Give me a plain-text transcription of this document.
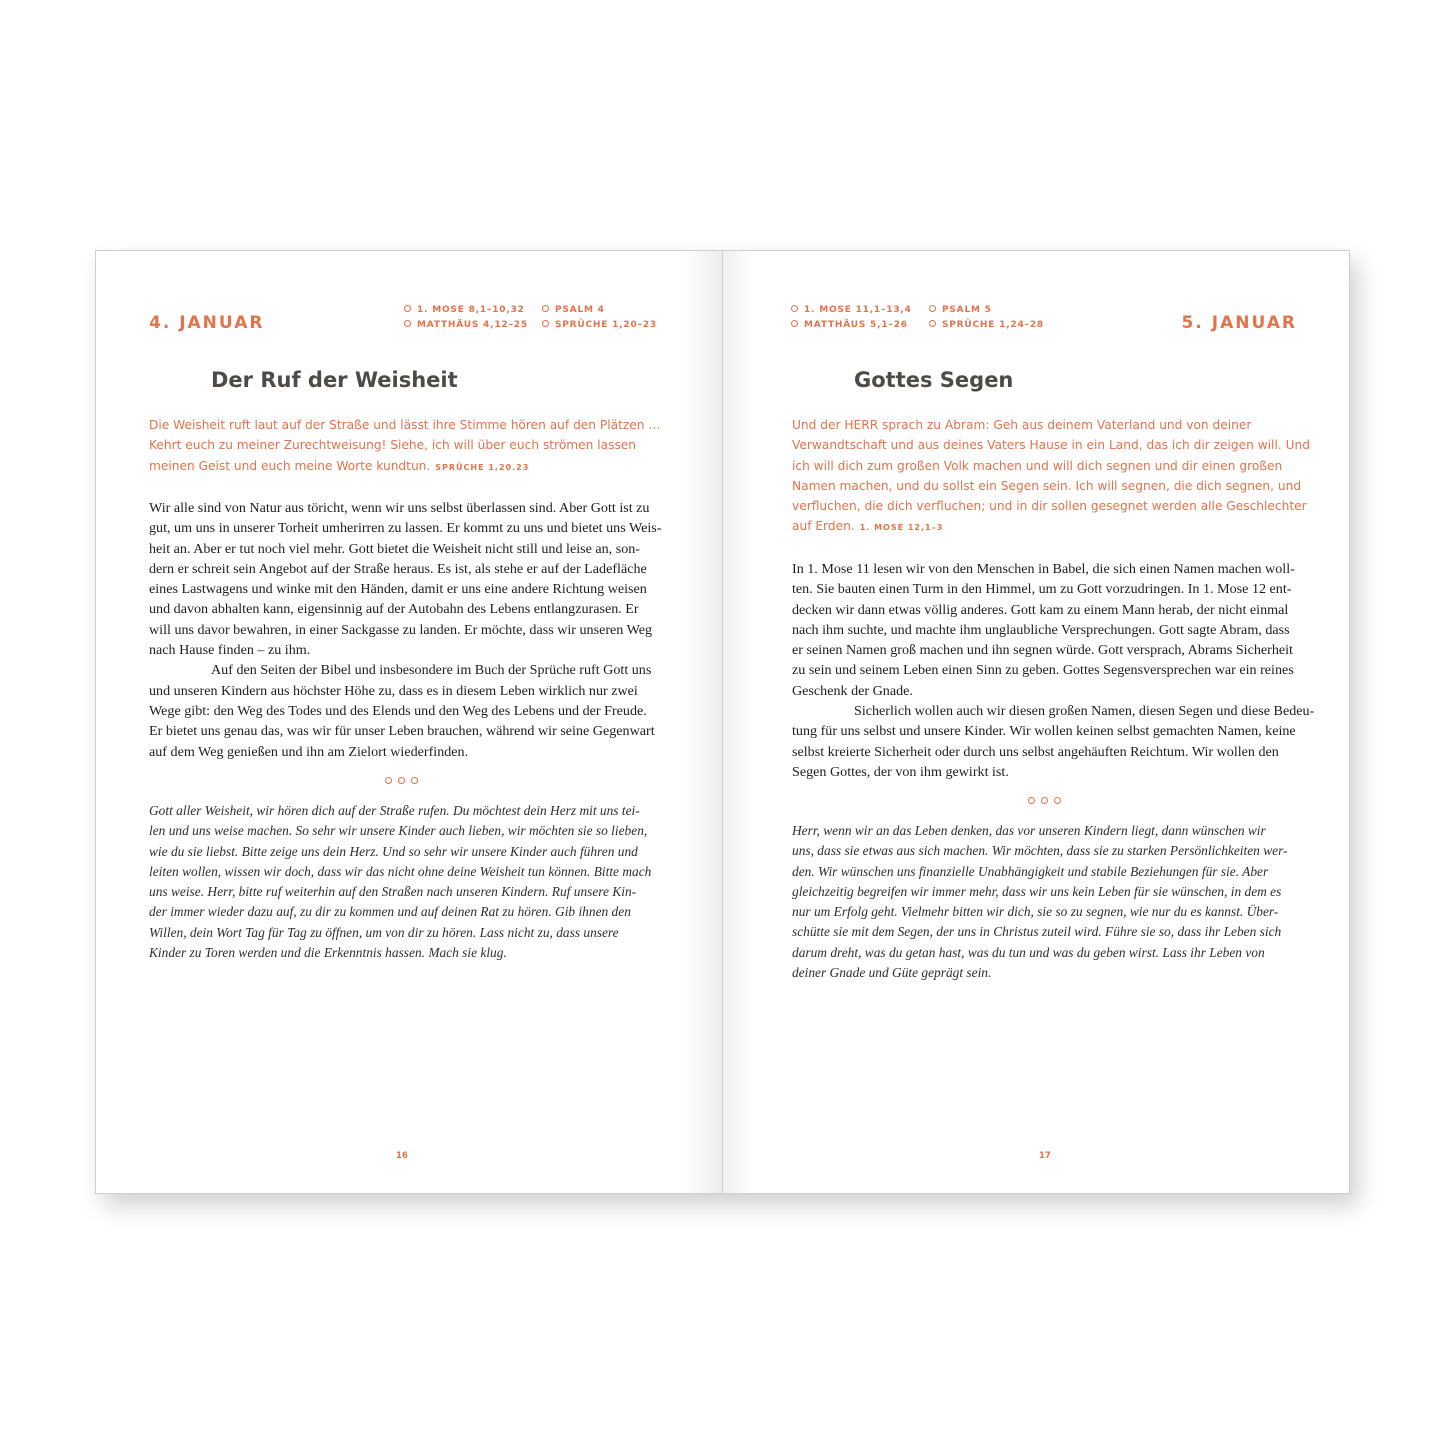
4. JANUAR
1. MOSE 8,1–10,32	PSALM 4
MATTHÄUS 4,12–25	SPRÜCHE 1,20–23
Der Ruf der Weisheit
Die Weisheit ruft laut auf der Straße und lässt ihre Stimme hören auf den Plätzen …
Kehrt euch zu meiner Zurechtweisung! Siehe, ich will über euch strömen lassen
meinen Geist und euch meine Worte kundtun. SPRÜCHE 1,20.23
Wir alle sind von Natur aus töricht, wenn wir uns selbst überlassen sind. Aber Gott ist zu
gut, um uns in unserer Torheit umherirren zu lassen. Er kommt zu uns und bietet uns Weis-
heit an. Aber er tut noch viel mehr. Gott bietet die Weisheit nicht still und leise an, son-
dern er schreit sein Angebot auf der Straße heraus. Es ist, als stehe er auf der Ladefläche
eines Lastwagens und winke mit den Händen, damit er uns eine andere Richtung weisen
und davon abhalten kann, eigensinnig auf der Autobahn des Lebens entlangzurasen. Er
will uns davor bewahren, in einer Sackgasse zu landen. Er möchte, dass wir unseren Weg
nach Hause finden – zu ihm.
Auf den Seiten der Bibel und insbesondere im Buch der Sprüche ruft Gott uns
und unseren Kindern aus höchster Höhe zu, dass es in diesem Leben wirklich nur zwei
Wege gibt: den Weg des Todes und des Elends und den Weg des Lebens und der Freude.
Er bietet uns genau das, was wir für unser Leben brauchen, während wir seine Gegenwart
auf dem Weg genießen und ihn am Zielort wiederfinden.
Gott aller Weisheit, wir hören dich auf der Straße rufen. Du möchtest dein Herz mit uns tei-
len und uns weise machen. So sehr wir unsere Kinder auch lieben, wir möchten sie so lieben,
wie du sie liebst. Bitte zeige uns dein Herz. Und so sehr wir unsere Kinder auch führen und
leiten wollen, wissen wir doch, dass wir das nicht ohne deine Weisheit tun können. Bitte mach
uns weise. Herr, bitte ruf weiterhin auf den Straßen nach unseren Kindern. Ruf unsere Kin-
der immer wieder dazu auf, zu dir zu kommen und auf deinen Rat zu hören. Gib ihnen den
Willen, dein Wort Tag für Tag zu öffnen, um von dir zu hören. Lass nicht zu, dass unsere
Kinder zu Toren werden und die Erkenntnis hassen. Mach sie klug.
16
1. MOSE 11,1–13,4	PSALM 5
MATTHÄUS 5,1–26	SPRÜCHE 1,24–28	5. JANUAR
Gottes Segen
Und der HERR sprach zu Abram: Geh aus deinem Vaterland und von deiner
Verwandtschaft und aus deines Vaters Hause in ein Land, das ich dir zeigen will. Und
ich will dich zum großen Volk machen und will dich segnen und dir einen großen
Namen machen, und du sollst ein Segen sein. Ich will segnen, die dich segnen, und
verfluchen, die dich verfluchen; und in dir sollen gesegnet werden alle Geschlechter
auf Erden. 1. MOSE 12,1–3
In 1. Mose 11 lesen wir von den Menschen in Babel, die sich einen Namen machen woll-
ten. Sie bauten einen Turm in den Himmel, um zu Gott vorzudringen. In 1. Mose 12 ent-
decken wir dann etwas völlig anderes. Gott kam zu einem Mann herab, der nicht einmal
nach ihm suchte, und machte ihm unglaubliche Versprechungen. Gott sagte Abram, dass
er seinen Namen groß machen und ihn segnen würde. Gott versprach, Abrams Sicherheit
zu sein und seinem Leben einen Sinn zu geben. Gottes Segensversprechen war ein reines
Geschenk der Gnade.
Sicherlich wollen auch wir diesen großen Namen, diesen Segen und diese Bedeu-
tung für uns selbst und unsere Kinder. Wir wollen keinen selbst gemachten Namen, keine
selbst kreierte Sicherheit oder durch uns selbst angehäuften Reichtum. Wir wollen den
Segen Gottes, der von ihm gewirkt ist.
Herr, wenn wir an das Leben denken, das vor unseren Kindern liegt, dann wünschen wir
uns, dass sie etwas aus sich machen. Wir möchten, dass sie zu starken Persönlichkeiten wer-
den. Wir wünschen uns finanzielle Unabhängigkeit und stabile Beziehungen für sie. Aber
gleichzeitig begreifen wir immer mehr, dass wir uns kein Leben für sie wünschen, in dem es
nur um Erfolg geht. Vielmehr bitten wir dich, sie so zu segnen, wie nur du es kannst. Über-
schütte sie mit dem Segen, der uns in Christus zuteil wird. Führe sie so, dass ihr Leben sich
darum dreht, was du getan hast, was du tun und was du geben wirst. Lass ihr Leben von
deiner Gnade und Güte geprägt sein.
17
